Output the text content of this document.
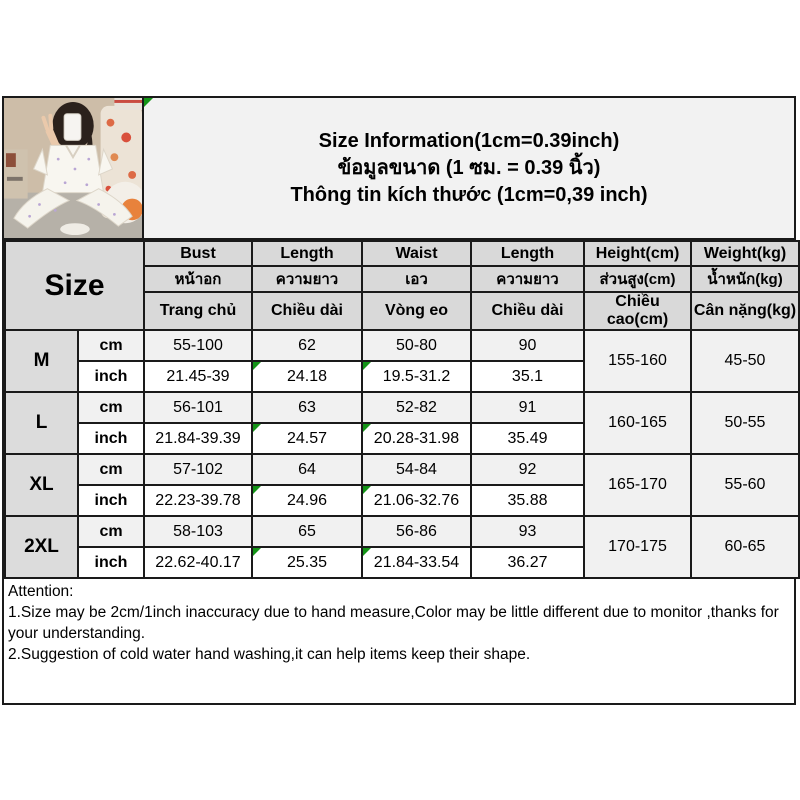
Size Information(1cm=0.39inch)
ข้อมูลขนาด (1 ซม. = 0.39 นิ้ว)
Thông tin kích thước (1cm=0,39 inch)
Size		Bust	Length	Waist	Length	Height(cm)	Weight(kg)
		หน้าอก	ความยาว	เอว	ความยาว	ส่วนสูง(cm)	น้ำหนัก(kg)
		Trang chủ	Chiều dài	Vòng eo	Chiều dài	Chiều cao(cm)	Cân nặng(kg)
M	cm	55-100	62	50-80	90	155-160	45-50
	inch	21.45-39	24.18	19.5-31.2	35.1		
L	cm	56-101	63	52-82	91	160-165	50-55
	inch	21.84-39.39	24.57	20.28-31.98	35.49		
XL	cm	57-102	64	54-84	92	165-170	55-60
	inch	22.23-39.78	24.96	21.06-32.76	35.88		
2XL	cm	58-103	65	56-86	93	170-175	60-65
	inch	22.62-40.17	25.35	21.84-33.54	36.27		
Attention:
1.Size may be 2cm/1inch inaccuracy due to hand measure,Color may be little different due to monitor ,thanks for your understanding.
2.Suggestion of cold water hand washing,it can help items keep their shape.
